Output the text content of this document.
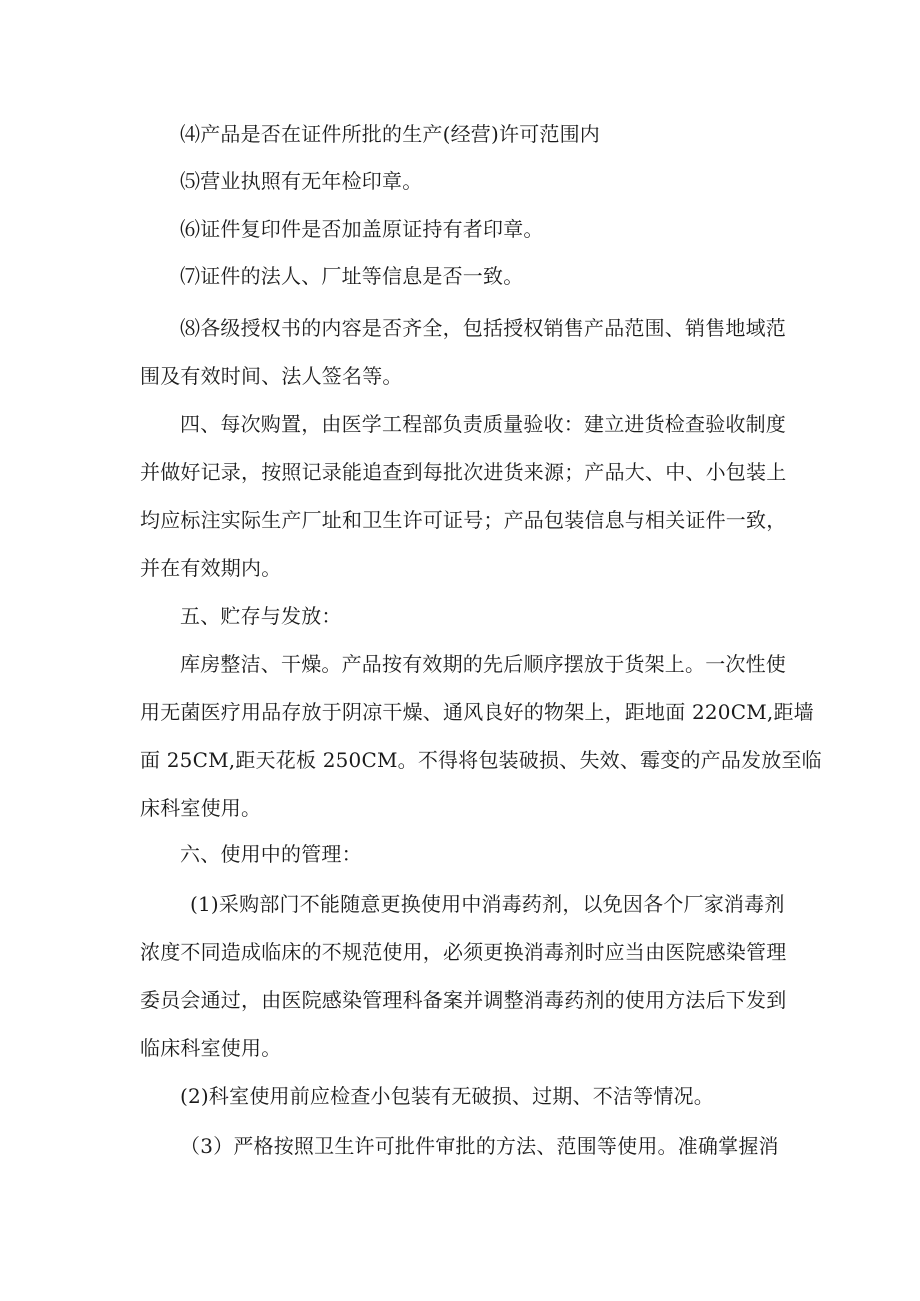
⑷产品是否在证件所批的生产(经营)许可范围内

⑸营业执照有无年检印章。

⑹证件复印件是否加盖原证持有者印章。

⑺证件的法人、厂址等信息是否一致。

⑻各级授权书的内容是否齐全，包括授权销售产品范围、销售地域范
围及有效时间、法人签名等。

四、每次购置，由医学工程部负责质量验收：建立进货检查验收制度
并做好记录，按照记录能追查到每批次进货来源；产品大、中、小包装上
均应标注实际生产厂址和卫生许可证号；产品包装信息与相关证件一致，
并在有效期内。

五、贮存与发放：

库房整洁、干燥。产品按有效期的先后顺序摆放于货架上。一次性使
用无菌医疗用品存放于阴凉干燥、通风良好的物架上，距地面 220CM,距墙
面 25CM,距天花板 250CM。不得将包装破损、失效、霉变的产品发放至临
床科室使用。

六、使用中的管理：

(1)采购部门不能随意更换使用中消毒药剂，以免因各个厂家消毒剂
浓度不同造成临床的不规范使用，必须更换消毒剂时应当由医院感染管理
委员会通过，由医院感染管理科备案并调整消毒药剂的使用方法后下发到
临床科室使用。

(2)科室使用前应检查小包装有无破损、过期、不洁等情况。

（3）严格按照卫生许可批件审批的方法、范围等使用。准确掌握消
